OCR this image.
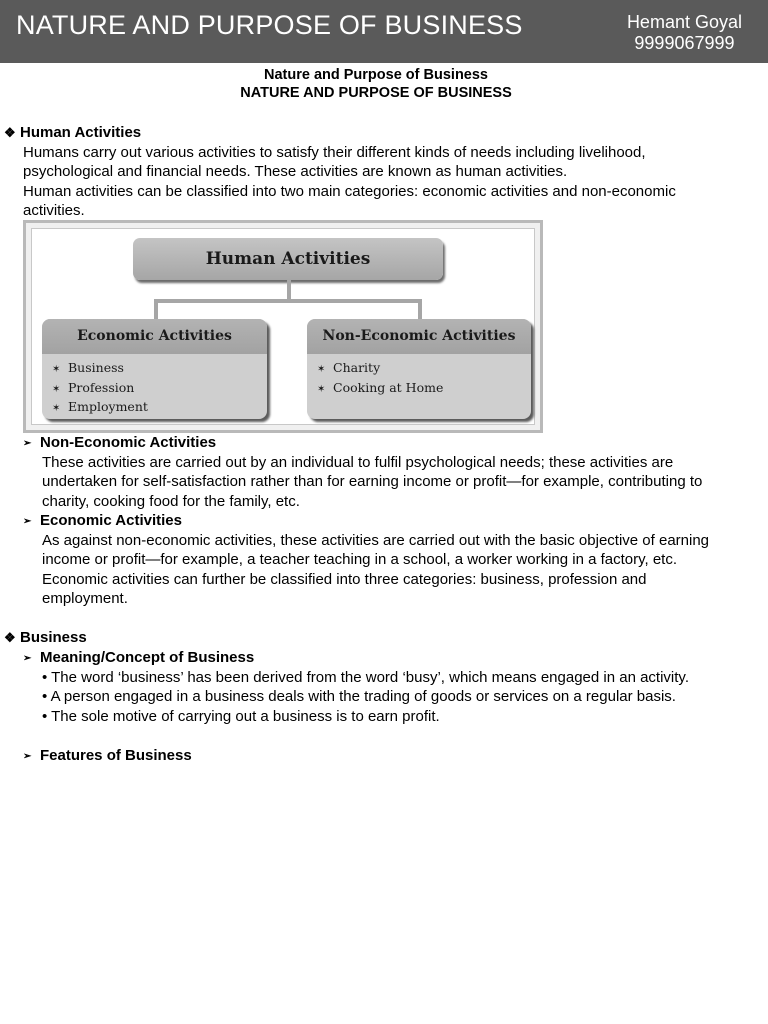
NATURE AND PURPOSE OF BUSINESS	Hemant Goyal
9999067999
Nature and Purpose of Business
NATURE AND PURPOSE OF BUSINESS
❖ Human Activities
Humans carry out various activities to satisfy their different kinds of needs including livelihood,
psychological and financial needs. These activities are known as human activities.
Human activities can be classified into two main categories: economic activities and non-economic
activities.
Human Activities
Economic Activities
✶ Business
✶ Profession
✶ Employment
Non-Economic Activities
✶ Charity
✶ Cooking at Home
➢ Non-Economic Activities
These activities are carried out by an individual to fulfil psychological needs; these activities are
undertaken for self-satisfaction rather than for earning income or profit—for example, contributing to
charity, cooking food for the family, etc.
➢ Economic Activities
As against non-economic activities, these activities are carried out with the basic objective of earning
income or profit—for example, a teacher teaching in a school, a worker working in a factory, etc.
Economic activities can further be classified into three categories: business, profession and
employment.
❖ Business
➢ Meaning/Concept of Business
• The word ‘business’ has been derived from the word ‘busy’, which means engaged in an activity.
• A person engaged in a business deals with the trading of goods or services on a regular basis.
• The sole motive of carrying out a business is to earn profit.
➢ Features of Business
